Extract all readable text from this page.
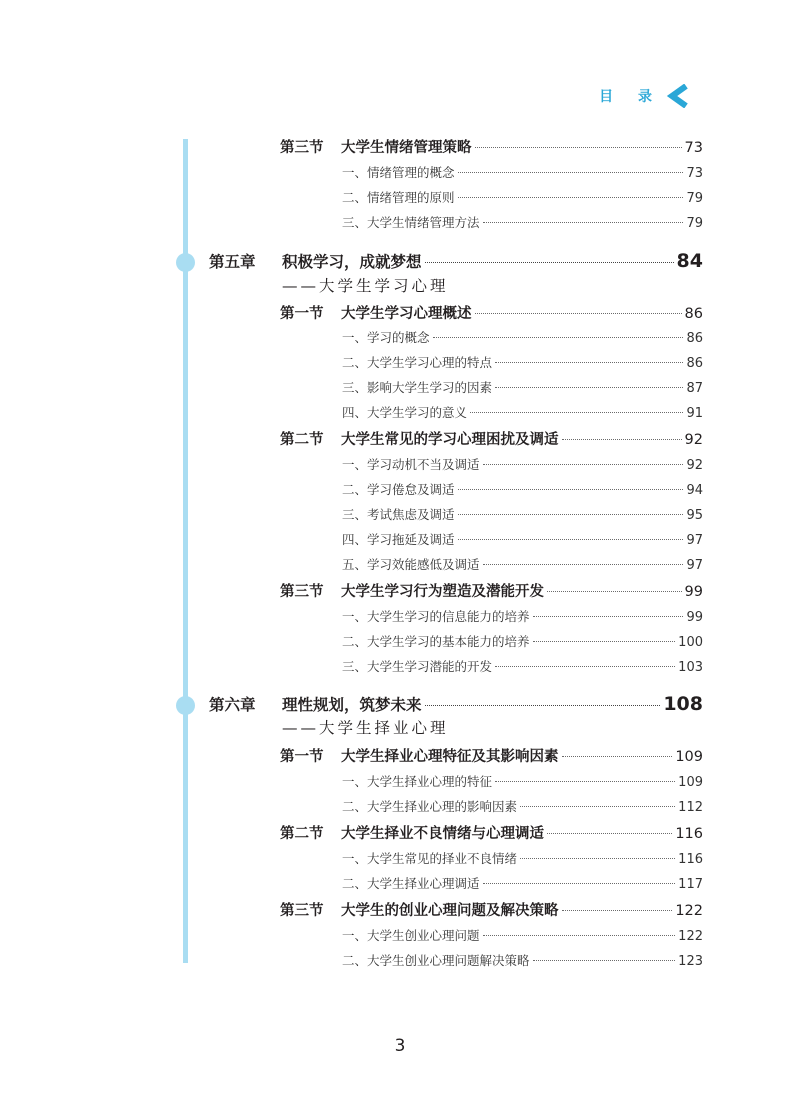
目 录
第三节	大学生情绪管理策略	73
一、情绪管理的概念	73
二、情绪管理的原则	79
三、大学生情绪管理方法	79
第五章	积极学习，成就梦想	84
——大学生学习心理
第一节	大学生学习心理概述	86
一、学习的概念	86
二、大学生学习心理的特点	86
三、影响大学生学习的因素	87
四、大学生学习的意义	91
第二节	大学生常见的学习心理困扰及调适	92
一、学习动机不当及调适	92
二、学习倦怠及调适	94
三、考试焦虑及调适	95
四、学习拖延及调适	97
五、学习效能感低及调适	97
第三节	大学生学习行为塑造及潜能开发	99
一、大学生学习的信息能力的培养	99
二、大学生学习的基本能力的培养	100
三、大学生学习潜能的开发	103
第六章	理性规划，筑梦未来	108
——大学生择业心理
第一节	大学生择业心理特征及其影响因素	109
一、大学生择业心理的特征	109
二、大学生择业心理的影响因素	112
第二节	大学生择业不良情绪与心理调适	116
一、大学生常见的择业不良情绪	116
二、大学生择业心理调适	117
第三节	大学生的创业心理问题及解决策略	122
一、大学生创业心理问题	122
二、大学生创业心理问题解决策略	123
3
